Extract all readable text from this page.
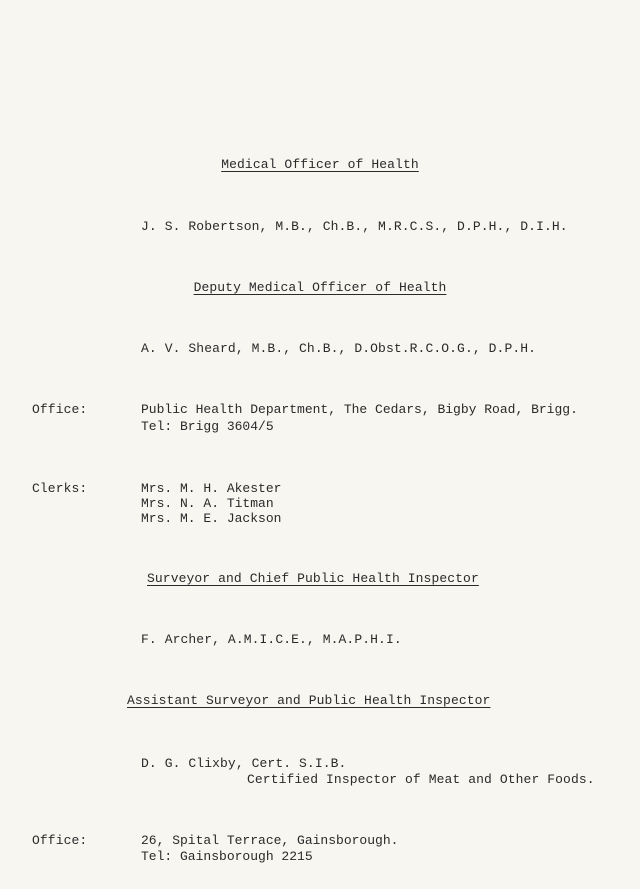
Medical Officer of Health
J. S. Robertson, M.B., Ch.B., M.R.C.S., D.P.H., D.I.H.
Deputy Medical Officer of Health
A. V. Sheard, M.B., Ch.B., D.Obst.R.C.O.G., D.P.H.
Office:	Public Health Department, The Cedars, Bigby Road, Brigg.
Tel: Brigg 3604/5
Clerks:	Mrs. M. H. Akester
Mrs. N. A. Titman
Mrs. M. E. Jackson
Surveyor and Chief Public Health Inspector
F. Archer, A.M.I.C.E., M.A.P.H.I.
Assistant Surveyor and Public Health Inspector
D. G. Clixby, Cert. S.I.B.
Certified Inspector of Meat and Other Foods.
Office:	26, Spital Terrace, Gainsborough.
Tel: Gainsborough 2215
